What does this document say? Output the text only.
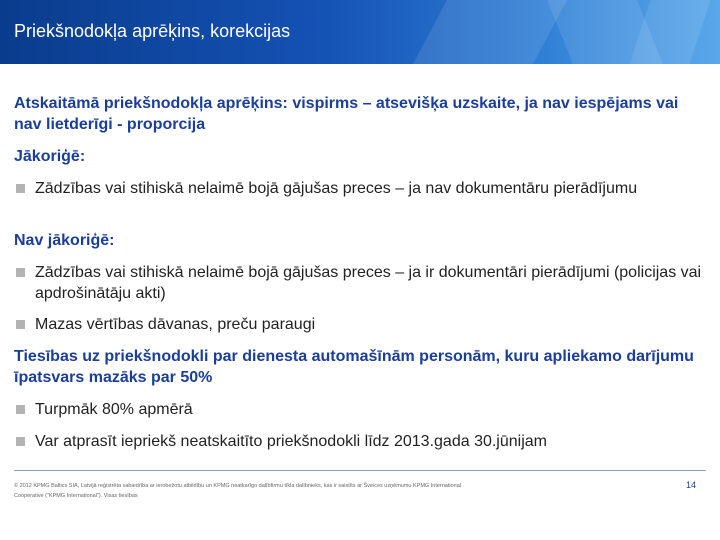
Priekšnodokļa aprēķins, korekcijas
Atskaitāmā priekšnodokļa aprēķins: vispirms – atsevišķa uzskaite, ja nav iespējams vai nav lietderīgi - proporcija
Jākoriģē:
Zādzības vai stihiskā nelaimē bojā gājušas preces – ja nav dokumentāru pierādījumu
Nav jākoriģē:
Zādzības vai stihiskā nelaimē bojā gājušas preces – ja ir dokumentāri pierādījumi (policijas vai apdrošinātāju akti)
Mazas vērtības dāvanas, preču paraugi
Tiesības uz priekšnodokli par dienesta automašīnām personām, kuru apliekamo darījumu īpatsvars mazāks par 50%
Turpmāk 80% apmērā
Var atprasīt iepriekš neatskaitīto priekšnodokli līdz 2013.gada 30.jūnijam
© 2012 KPMG Baltics SIA, Latvijā reģistrēta sabiedrība ar ierobežotu atbildību un KPMG neatkarīgo dalībfirmu tīkla dalībnieks, kas ir saistīts ar Šveices uzņēmumu KPMG International Cooperative ("KPMG International"). Visas tiesības
14
